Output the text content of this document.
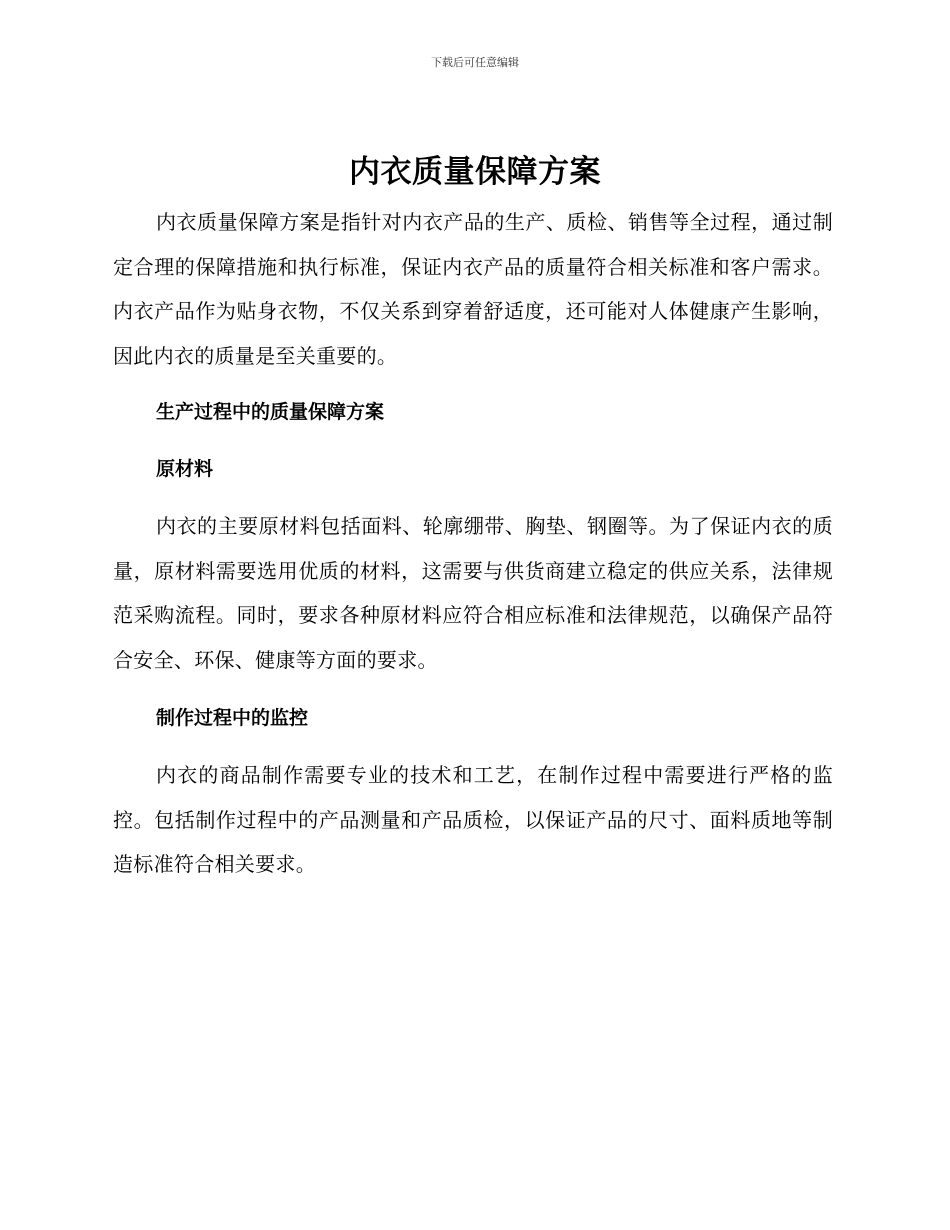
下载后可任意编辑
内衣质量保障方案

内衣质量保障方案是指针对内衣产品的生产、质检、销售等全过程，通过制定合理的保障措施和执行标准，保证内衣产品的质量符合相关标准和客户需求。内衣产品作为贴身衣物，不仅关系到穿着舒适度，还可能对人体健康产生影响，因此内衣的质量是至关重要的。

生产过程中的质量保障方案
原材料

内衣的主要原材料包括面料、轮廓绷带、胸垫、钢圈等。为了保证内衣的质量，原材料需要选用优质的材料，这需要与供货商建立稳定的供应关系，法律规范采购流程。同时，要求各种原材料应符合相应标准和法律规范，以确保产品符合安全、环保、健康等方面的要求。

制作过程中的监控

内衣的商品制作需要专业的技术和工艺，在制作过程中需要进行严格的监控。包括制作过程中的产品测量和产品质检，以保证产品的尺寸、面料质地等制造标准符合相关要求。
